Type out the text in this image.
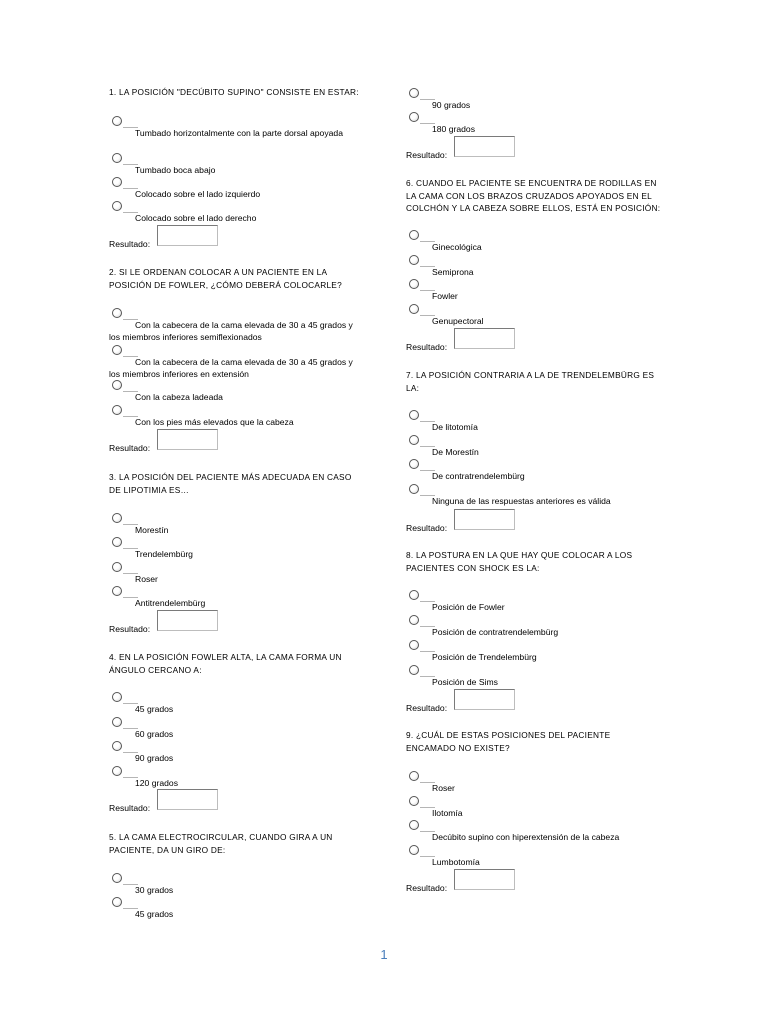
1. LA POSICIÓN "DECÚBITO SUPINO" CONSISTE EN ESTAR:
Tumbado horizontalmente con la parte dorsal apoyada
Tumbado boca abajo
Colocado sobre el lado izquierdo
Colocado sobre el lado derecho
Resultado:
2. SI LE ORDENAN COLOCAR A UN PACIENTE EN LA POSICIÓN DE FOWLER, ¿CÓMO DEBERÁ COLOCARLE?
Con la cabecera de la cama elevada de 30 a 45 grados y los miembros inferiores semiflexionados
Con la cabecera de la cama elevada de 30 a 45 grados y los miembros inferiores en extensión
Con la cabeza ladeada
Con los pies más elevados que la cabeza
Resultado:
3. LA POSICIÓN DEL PACIENTE MÁS ADECUADA EN CASO DE LIPOTIMIA ES…
Morestín
Trendelembürg
Roser
Antitrendelembürg
Resultado:
4. EN LA POSICIÓN FOWLER ALTA, LA CAMA FORMA UN ÁNGULO CERCANO A:
45 grados
60 grados
90 grados
120 grados
Resultado:
5. LA CAMA ELECTROCIRCULAR, CUANDO GIRA A UN PACIENTE, DA UN GIRO DE:
30 grados
45 grados
90 grados
180 grados
Resultado:
6. CUANDO EL PACIENTE SE ENCUENTRA DE RODILLAS EN LA CAMA CON LOS BRAZOS CRUZADOS APOYADOS EN EL COLCHÓN Y LA CABEZA SOBRE ELLOS, ESTÁ EN POSICIÓN:
Ginecológica
Semiprona
Fowler
Genupectoral
Resultado:
7. LA POSICIÓN CONTRARIA A LA DE TRENDELEMBÜRG ES LA:
De litotomía
De Morestín
De contratrendelembürg
Ninguna de las respuestas anteriores es válida
Resultado:
8. LA POSTURA EN LA QUE HAY QUE COLOCAR A LOS PACIENTES CON SHOCK ES LA:
Posición de Fowler
Posición de contratrendelembürg
Posición de Trendelembürg
Posición de Sims
Resultado:
9. ¿CUÁL DE ESTAS POSICIONES DEL PACIENTE ENCAMADO NO EXISTE?
Roser
Ilotomía
Decúbito supino con hiperextensión de la cabeza
Lumbotomía
Resultado:
1
